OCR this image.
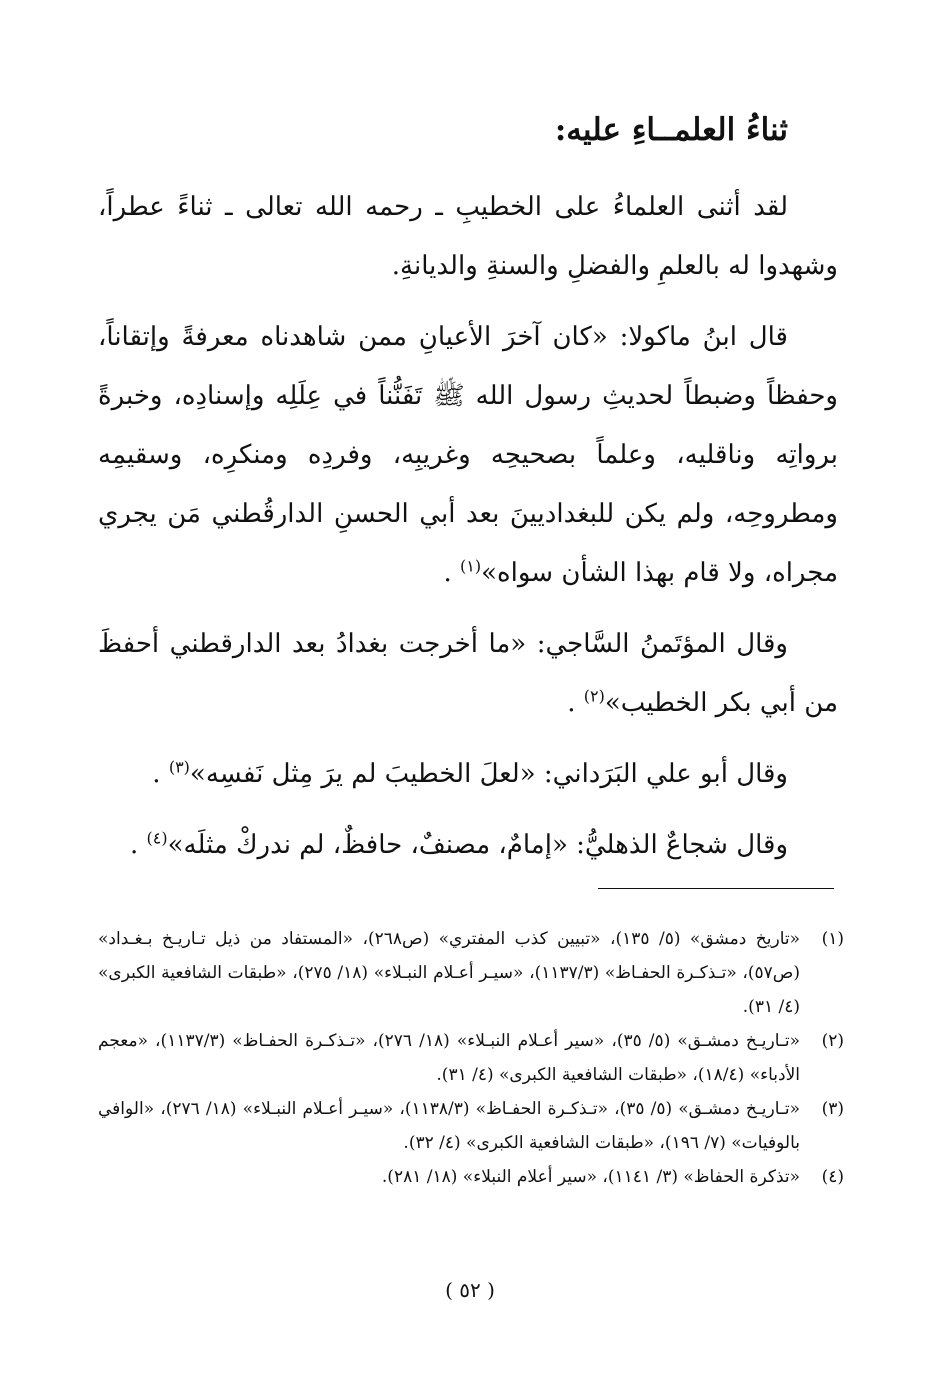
ثناءُ العلمــاءِ عليه:

لقد أثنى العلماءُ على الخطيبِ ـ رحمه الله تعالى ـ ثناءً عطراً، وشهدوا له بالعلمِ والفضلِ والسنةِ والديانةِ.

قال ابنُ ماكولا: «كان آخرَ الأعيانِ ممن شاهدناه معرفةً وإتقاناً، وحفظاً وضبطاً لحديثِ رسول الله ﷺ تَفَنُّناً في عِلَلِه وإسنادِه، وخبرةً برواتِه وناقليه، وعلماً بصحيحِه وغريبِه، وفردِه ومنكرِه، وسقيمِه ومطروحِه، ولم يكن للبغداديينَ بعد أبي الحسنِ الدارقُطني مَن يجري مجراه، ولا قام بهذا الشأن سواه»$^{(١)}$ .

وقال المؤتَمنُ السَّاجي: «ما أخرجت بغدادُ بعد الدارقطني أحفظَ من أبي بكر الخطيب»$^{(٢)}$ .

وقال أبو علي البَرَداني: «لعلَ الخطيبَ لم يرَ مِثل نَفسِه»$^{(٣)}$ .

وقال شجاعٌ الذهليُّ: «إمامٌ، مصنفٌ، حافظٌ، لم ندركْ مثلَه»$^{(٤)}$ .

(١)
«تاريخ دمشق» (٥/ ١٣٥)، «تبيين كذب المفتري» (ص٢٦٨)، «المستفاد من ذيل تـاريـخ بـغـداد» (ص٥٧)، «تـذكـرة الحفـاظ» (١١٣٧/٣)، «سيـر أعـلام النبـلاء» (١٨/ ٢٧٥)، «طبقات الشافعية الكبرى» (٤/ ٣١).
(٢)
«تـاريـخ دمشـق» (٥/ ٣٥)، «سير أعـلام النبـلاء» (١٨/ ٢٧٦)، «تـذكـرة الحفـاظ» (١١٣٧/٣)، «معجم الأدباء» (١٨/٤)، «طبقات الشافعية الكبرى» (٤/ ٣١).
(٣)
«تـاريـخ دمشـق» (٥/ ٣٥)، «تـذكـرة الحفـاظ» (١١٣٨/٣)، «سيـر أعـلام النبـلاء» (١٨/ ٢٧٦)، «الوافي بالوفيات» (٧/ ١٩٦)، «طبقات الشافعية الكبرى» (٤/ ٣٢).
(٤)
«تذكرة الحفاظ» (٣/ ١١٤١)، «سير أعلام النبلاء» (١٨/ ٢٨١).
( ٥٢ )
